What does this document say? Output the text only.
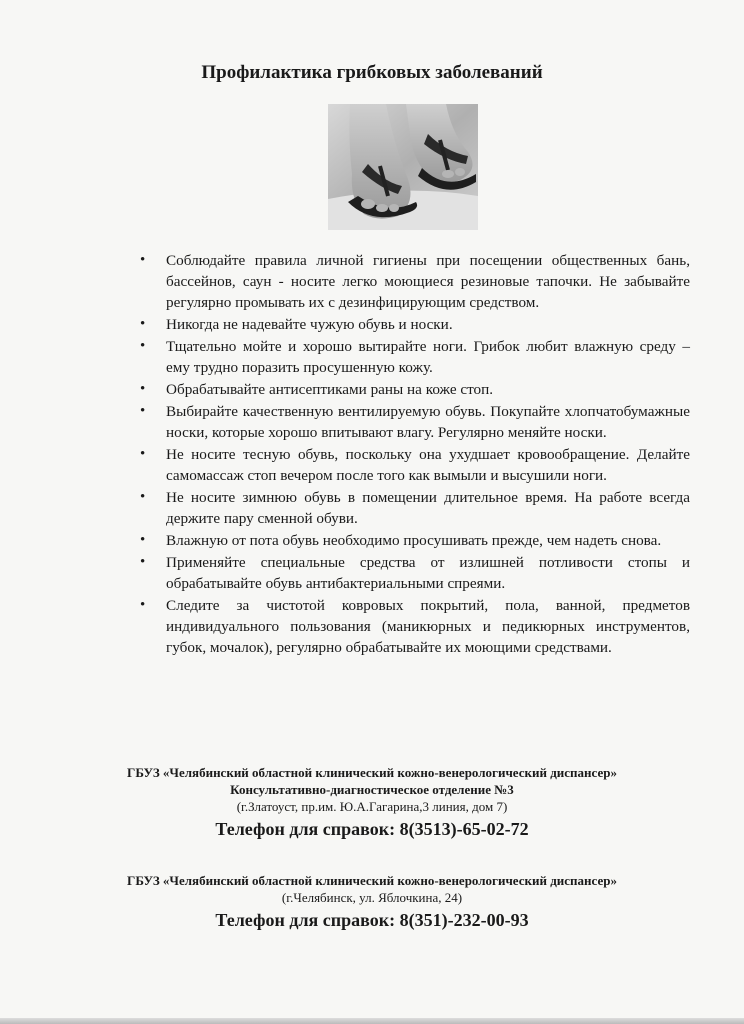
Профилактика грибковых заболеваний
• Соблюдайте правила личной гигиены при посещении общественных бань, бассейнов, саун - носите легко моющиеся резиновые тапочки. Не забывайте регулярно промывать их с дезинфицирующим средством.
• Никогда не надевайте чужую обувь и носки.
• Тщательно мойте и хорошо вытирайте ноги. Грибок любит влажную среду – ему трудно поразить просушенную кожу.
• Обрабатывайте антисептиками раны на коже стоп.
• Выбирайте качественную вентилируемую обувь. Покупайте хлопчатобумажные носки, которые хорошо впитывают влагу. Регулярно меняйте носки.
• Не носите тесную обувь, поскольку она ухудшает кровообращение. Делайте самомассаж стоп вечером после того как вымыли и высушили ноги.
• Не носите зимнюю обувь в помещении длительное время. На работе всегда держите пару сменной обуви.
• Влажную от пота обувь необходимо просушивать прежде, чем надеть снова.
• Применяйте специальные средства от излишней потливости стопы и обрабатывайте обувь антибактериальными спреями.
• Следите за чистотой ковровых покрытий, пола, ванной, предметов индивидуального пользования (маникюрных и педикюрных инструментов, губок, мочалок), регулярно обрабатывайте их моющими средствами.
ГБУЗ «Челябинский областной клинический кожно-венерологический диспансер»
Консультативно-диагностическое отделение №3
(г.Златоуст, пр.им. Ю.А.Гагарина,3 линия, дом 7)
Телефон для справок: 8(3513)-65-02-72
ГБУЗ «Челябинский областной клинический кожно-венерологический диспансер»
(г.Челябинск, ул. Яблочкина, 24)
Телефон для справок: 8(351)-232-00-93
